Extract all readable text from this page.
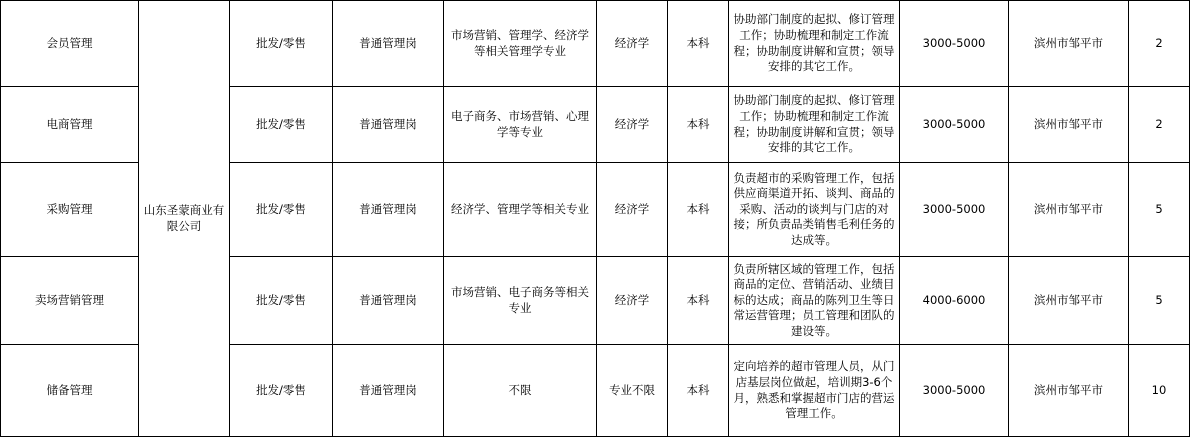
会员管理	山东圣蒙商业有限公司	批发/零售	普通管理岗	市场营销、管理学、经济学等相关管理学专业	经济学	本科	协助部门制度的起拟、修订管理工作；协助梳理和制定工作流程；协助制度讲解和宣贯；领导安排的其它工作。	3000-5000	滨州市邹平市	2
电商管理		批发/零售	普通管理岗	电子商务、市场营销、心理学等专业	经济学	本科	协助部门制度的起拟、修订管理工作；协助梳理和制定工作流程；协助制度讲解和宣贯；领导安排的其它工作。	3000-5000	滨州市邹平市	2
采购管理		批发/零售	普通管理岗	经济学、管理学等相关专业	经济学	本科	负责超市的采购管理工作，包括供应商渠道开拓、谈判、商品的采购、活动的谈判与门店的对接；所负责品类销售毛利任务的达成等。	3000-5000	滨州市邹平市	5
卖场营销管理		批发/零售	普通管理岗	市场营销、电子商务等相关专业	经济学	本科	负责所辖区域的管理工作，包括商品的定位、营销活动、业绩目标的达成；商品的陈列卫生等日常运营管理；员工管理和团队的建设等。	4000-6000	滨州市邹平市	5
储备管理		批发/零售	普通管理岗	不限	专业不限	本科	定向培养的超市管理人员，从门店基层岗位做起，培训期3-6个月，熟悉和掌握超市门店的营运管理工作。	3000-5000	滨州市邹平市	10
